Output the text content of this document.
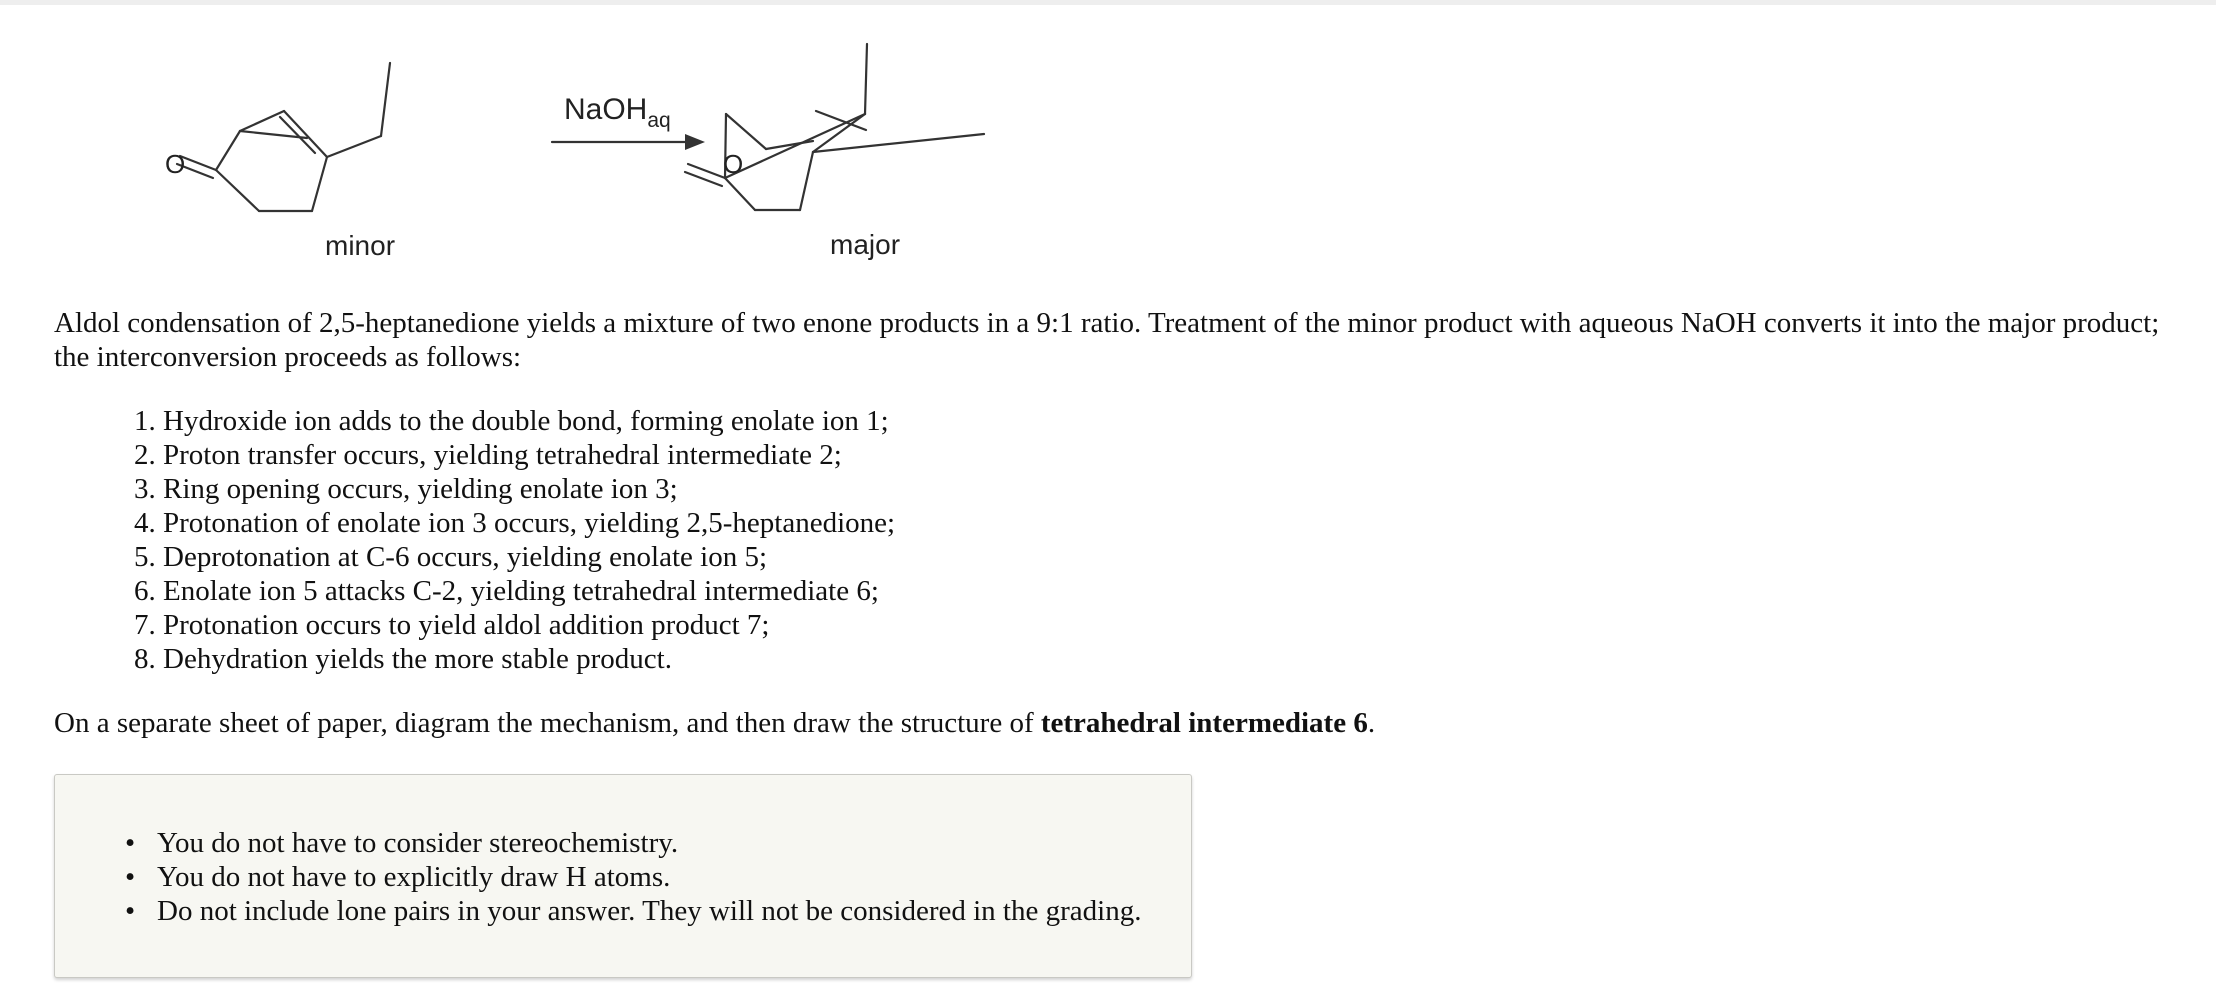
O	O
NaOH$_{aq}$
minor	major

Aldol condensation of 2,5-heptanedione yields a mixture of two enone products in a 9:1 ratio. Treatment of the minor product with aqueous NaOH converts it into the major product; the interconversion proceeds as follows:

1. Hydroxide ion adds to the double bond, forming enolate ion 1;
2. Proton transfer occurs, yielding tetrahedral intermediate 2;
3. Ring opening occurs, yielding enolate ion 3;
4. Protonation of enolate ion 3 occurs, yielding 2,5-heptanedione;
5. Deprotonation at C-6 occurs, yielding enolate ion 5;
6. Enolate ion 5 attacks C-2, yielding tetrahedral intermediate 6;
7. Protonation occurs to yield aldol addition product 7;
8. Dehydration yields the more stable product.

On a separate sheet of paper, diagram the mechanism, and then draw the structure of tetrahedral intermediate 6.

• You do not have to consider stereochemistry.
• You do not have to explicitly draw H atoms.
• Do not include lone pairs in your answer. They will not be considered in the grading.
